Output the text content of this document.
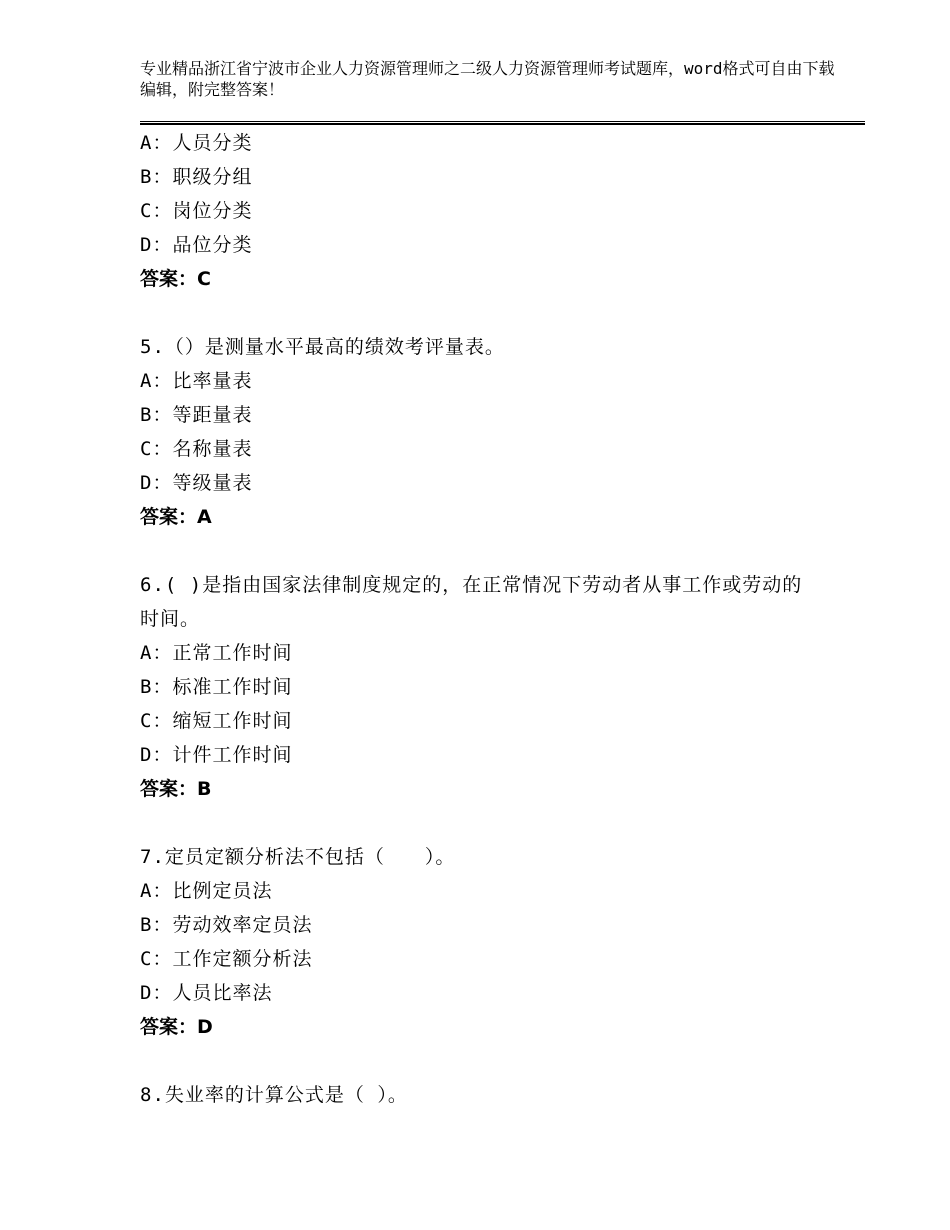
专业精品浙江省宁波市企业人力资源管理师之二级人力资源管理师考试题库，word格式可自由下载编辑，附完整答案！
A：人员分类
B：职级分组
C：岗位分类
D：品位分类
答案：C
5.（）是测量水平最高的绩效考评量表。
A：比率量表
B：等距量表
C：名称量表
D：等级量表
答案：A
6.( )是指由国家法律制度规定的，在正常情况下劳动者从事工作或劳动的时间。
A：正常工作时间
B：标准工作时间
C：缩短工作时间
D：计件工作时间
答案：B
7.定员定额分析法不包括（　　）。
A：比例定员法
B：劳动效率定员法
C：工作定额分析法
D：人员比率法
答案：D
8.失业率的计算公式是（ ）。
